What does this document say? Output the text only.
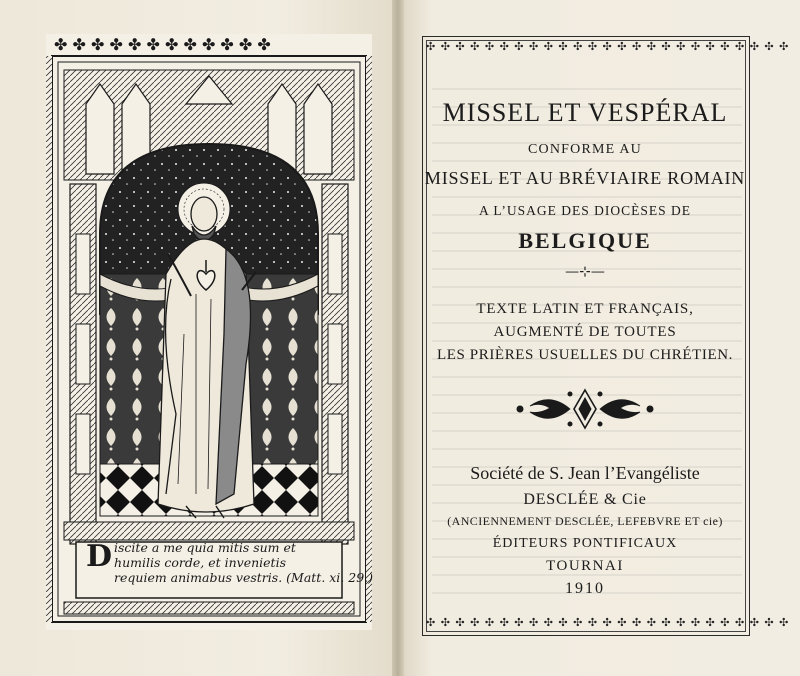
✤ ✤ ✤ ✤ ✤ ✤ ✤ ✤ ✤ ✤ ✤ ✤
D iscite a me quia mitis sum et
humilis corde, et invenietis
requiem animabus vestris. (Matt. xi. 29.)
✣ ✣ ✣ ✣ ✣ ✣ ✣ ✣ ✣ ✣ ✣ ✣ ✣ ✣ ✣ ✣ ✣ ✣ ✣ ✣ ✣ ✣ ✣ ✣ ✣
✣ ✣ ✣ ✣ ✣ ✣ ✣ ✣ ✣ ✣ ✣ ✣ ✣ ✣ ✣ ✣ ✣ ✣ ✣ ✣ ✣ ✣ ✣ ✣ ✣
MISSEL ET VESPÉRAL
CONFORME AU
MISSEL ET AU BRÉVIAIRE ROMAIN
A L’USAGE DES DIOCÈSES DE
BELGIQUE
—⊹—
TEXTE LATIN ET FRANÇAIS,
AUGMENTÉ DE TOUTES
LES PRIÈRES USUELLES DU CHRÉTIEN.
Société de S. Jean l’Evangéliste
DESCLÉE & Cie
(ANCIENNEMENT DESCLÉE, LEFEBVRE ET cie)
ÉDITEURS PONTIFICAUX
TOURNAI
1910
